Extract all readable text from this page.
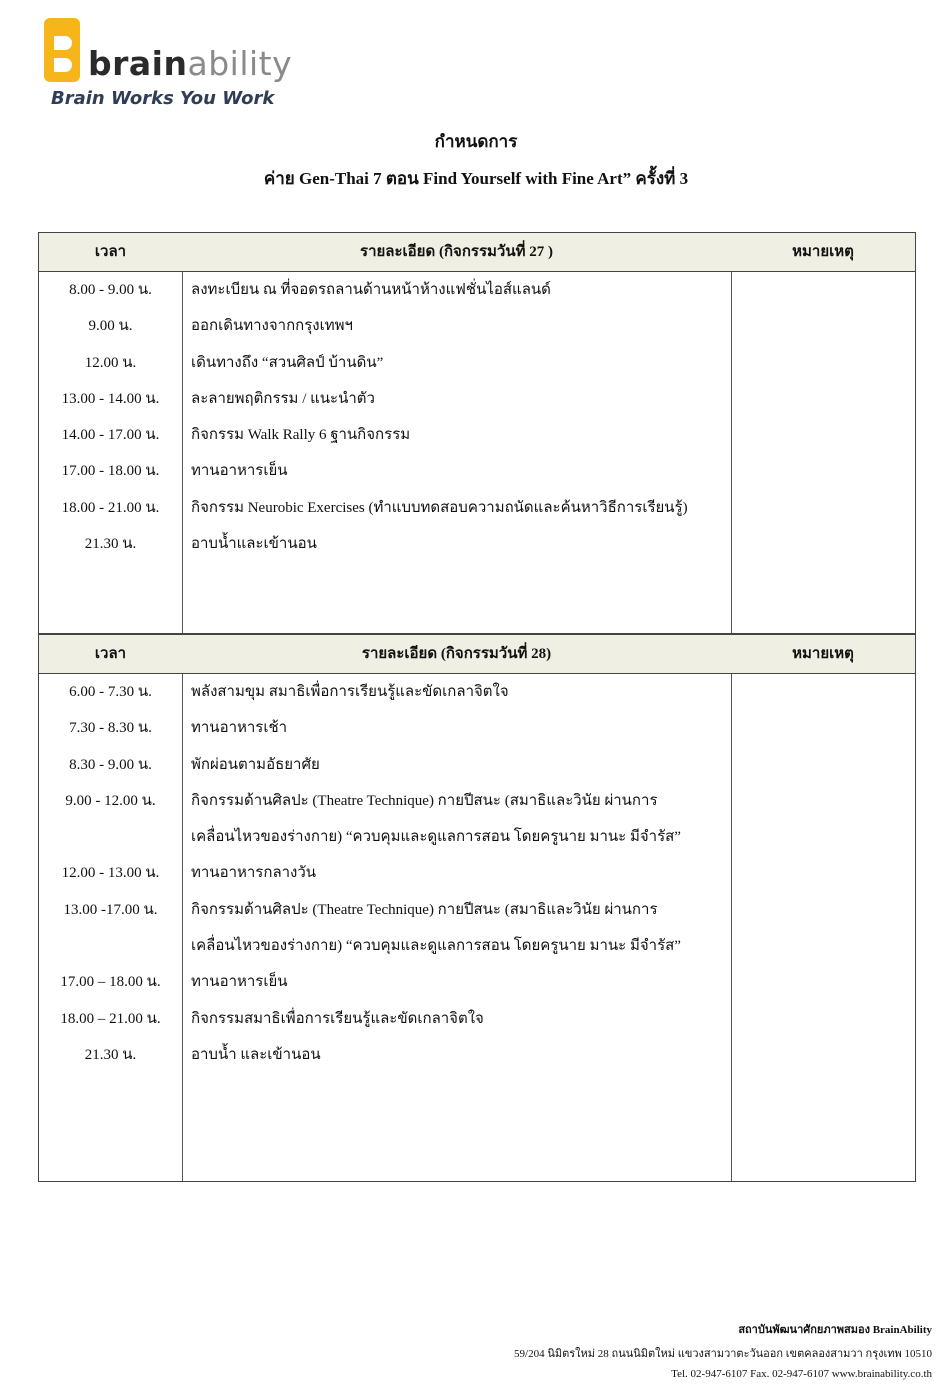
brainability
Brain Works You Work
กำหนดการ
ค่าย Gen-Thai 7 ตอน Find Yourself with Fine Art” ครั้งที่ 3
เวลา	รายละเอียด (กิจกรรมวันที่ 27 )	หมายเหตุ
8.00 - 9.00 น.	ลงทะเบียน ณ ที่จอดรถลานด้านหน้าห้างแฟชั่นไอส์แลนด์
9.00 น.	ออกเดินทางจากกรุงเทพฯ
12.00 น.	เดินทางถึง “สวนศิลป์ บ้านดิน”
13.00 - 14.00 น.	ละลายพฤติกรรม / แนะนำตัว
14.00 - 17.00 น.	กิจกรรม Walk Rally 6 ฐานกิจกรรม
17.00 - 18.00 น.	ทานอาหารเย็น
18.00 - 21.00 น.	กิจกรรม Neurobic Exercises (ทำแบบทดสอบความถนัดและค้นหาวิธีการเรียนรู้)
21.30 น.	อาบน้ำและเข้านอน
เวลา	รายละเอียด (กิจกรรมวันที่ 28)	หมายเหตุ
6.00 - 7.30 น.	พลังสามขุม สมาธิเพื่อการเรียนรู้และขัดเกลาจิตใจ
7.30 - 8.30 น.	ทานอาหารเช้า
8.30 - 9.00 น.	พักผ่อนตามอัธยาศัย
9.00 - 12.00 น.	กิจกรรมด้านศิลปะ (Theatre Technique) กายปีสนะ (สมาธิและวินัย ผ่านการ
เคลื่อนไหวของร่างกาย) “ควบคุมและดูแลการสอน โดยครูนาย มานะ มีจำรัส”
12.00 - 13.00 น.	ทานอาหารกลางวัน
13.00 -17.00 น.	กิจกรรมด้านศิลปะ (Theatre Technique) กายปีสนะ (สมาธิและวินัย ผ่านการ
เคลื่อนไหวของร่างกาย) “ควบคุมและดูแลการสอน โดยครูนาย มานะ มีจำรัส”
17.00 – 18.00 น.	ทานอาหารเย็น
18.00 – 21.00 น.	กิจกรรมสมาธิเพื่อการเรียนรู้และขัดเกลาจิตใจ
21.30 น.	อาบน้ำ และเข้านอน
สถาบันพัฒนาศักยภาพสมอง BrainAbility
59/204 นิมิตรใหม่ 28 ถนนนิมิตใหม่ แขวงสามวาตะวันออก เขตคลองสามวา กรุงเทพ 10510
Tel. 02-947-6107 Fax. 02-947-6107 www.brainability.co.th
